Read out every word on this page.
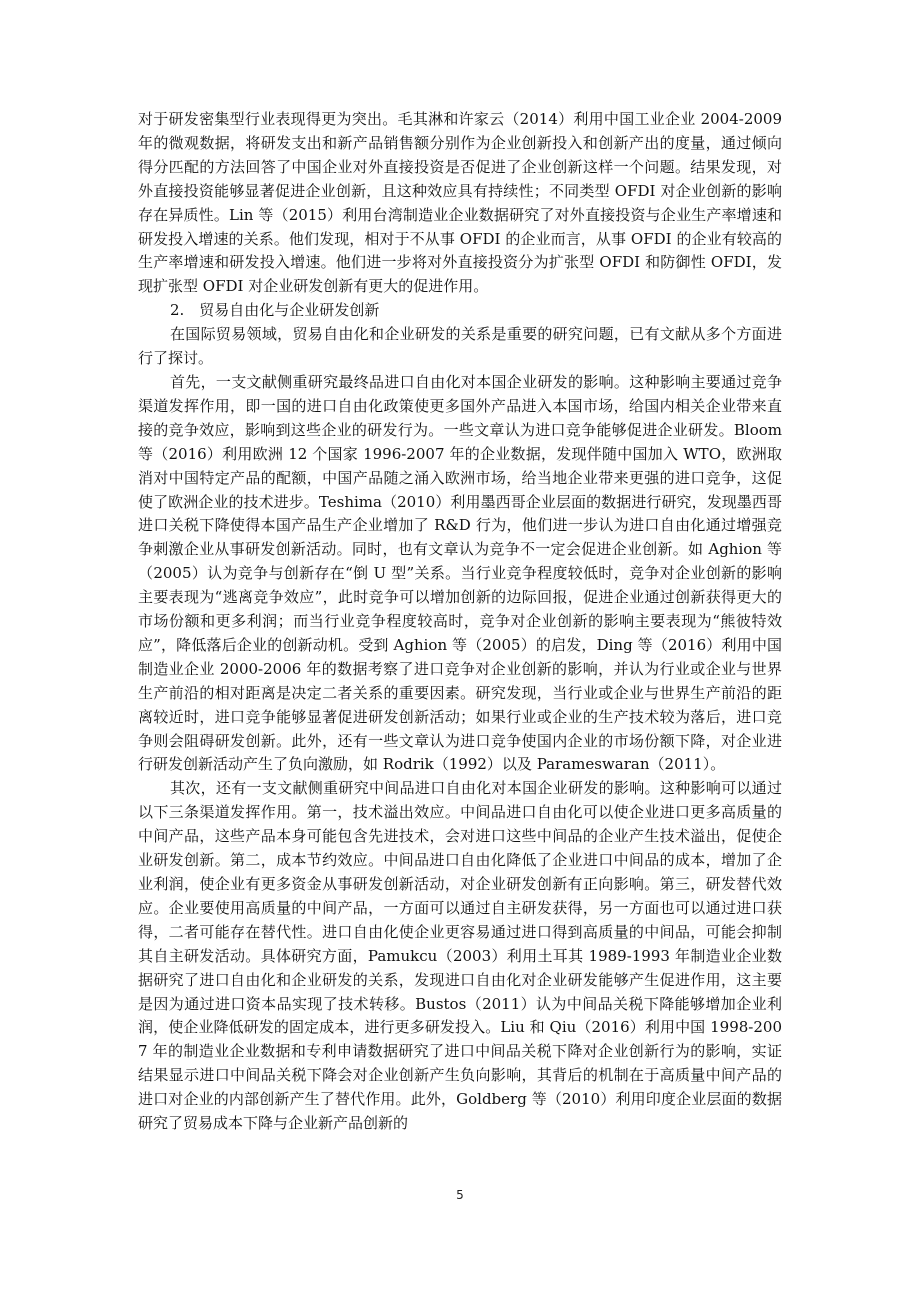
对于研发密集型行业表现得更为突出。毛其淋和许家云（2014）利用中国工业企业 2004-2009 年的微观数据，将研发支出和新产品销售额分别作为企业创新投入和创新产出的度量，通过倾向得分匹配的方法回答了中国企业对外直接投资是否促进了企业创新这样一个问题。结果发现，对外直接投资能够显著促进企业创新，且这种效应具有持续性；不同类型 OFDI 对企业创新的影响存在异质性。Lin 等（2015）利用台湾制造业企业数据研究了对外直接投资与企业生产率增速和研发投入增速的关系。他们发现，相对于不从事 OFDI 的企业而言，从事 OFDI 的企业有较高的生产率增速和研发投入增速。他们进一步将对外直接投资分为扩张型 OFDI 和防御性 OFDI，发现扩张型 OFDI 对企业研发创新有更大的促进作用。

2.　贸易自由化与企业研发创新

在国际贸易领域，贸易自由化和企业研发的关系是重要的研究问题，已有文献从多个方面进行了探讨。

首先，一支文献侧重研究最终品进口自由化对本国企业研发的影响。这种影响主要通过竞争渠道发挥作用，即一国的进口自由化政策使更多国外产品进入本国市场，给国内相关企业带来直接的竞争效应，影响到这些企业的研发行为。一些文章认为进口竞争能够促进企业研发。Bloom 等（2016）利用欧洲 12 个国家 1996-2007 年的企业数据，发现伴随中国加入 WTO，欧洲取消对中国特定产品的配额，中国产品随之涌入欧洲市场，给当地企业带来更强的进口竞争，这促使了欧洲企业的技术进步。Teshima（2010）利用墨西哥企业层面的数据进行研究，发现墨西哥进口关税下降使得本国产品生产企业增加了 R&D 行为，他们进一步认为进口自由化通过增强竞争刺激企业从事研发创新活动。同时，也有文章认为竞争不一定会促进企业创新。如 Aghion 等（2005）认为竞争与创新存在“倒 U 型”关系。当行业竞争程度较低时，竞争对企业创新的影响主要表现为“逃离竞争效应”，此时竞争可以增加创新的边际回报，促进企业通过创新获得更大的市场份额和更多利润；而当行业竞争程度较高时，竞争对企业创新的影响主要表现为“熊彼特效应”，降低落后企业的创新动机。受到 Aghion 等（2005）的启发，Ding 等（2016）利用中国制造业企业 2000-2006 年的数据考察了进口竞争对企业创新的影响，并认为行业或企业与世界生产前沿的相对距离是决定二者关系的重要因素。研究发现，当行业或企业与世界生产前沿的距离较近时，进口竞争能够显著促进研发创新活动；如果行业或企业的生产技术较为落后，进口竞争则会阻碍研发创新。此外，还有一些文章认为进口竞争使国内企业的市场份额下降，对企业进行研发创新活动产生了负向激励，如 Rodrik（1992）以及 Parameswaran（2011）。

其次，还有一支文献侧重研究中间品进口自由化对本国企业研发的影响。这种影响可以通过以下三条渠道发挥作用。第一，技术溢出效应。中间品进口自由化可以使企业进口更多高质量的中间产品，这些产品本身可能包含先进技术，会对进口这些中间品的企业产生技术溢出，促使企业研发创新。第二，成本节约效应。中间品进口自由化降低了企业进口中间品的成本，增加了企业利润，使企业有更多资金从事研发创新活动，对企业研发创新有正向影响。第三，研发替代效应。企业要使用高质量的中间产品，一方面可以通过自主研发获得，另一方面也可以通过进口获得，二者可能存在替代性。进口自由化使企业更容易通过进口得到高质量的中间品，可能会抑制其自主研发活动。具体研究方面，Pamukcu（2003）利用土耳其 1989-1993 年制造业企业数据研究了进口自由化和企业研发的关系，发现进口自由化对企业研发能够产生促进作用，这主要是因为通过进口资本品实现了技术转移。Bustos（2011）认为中间品关税下降能够增加企业利润，使企业降低研发的固定成本，进行更多研发投入。Liu 和 Qiu（2016）利用中国 1998-2007 年的制造业企业数据和专利申请数据研究了进口中间品关税下降对企业创新行为的影响，实证结果显示进口中间品关税下降会对企业创新产生负向影响，其背后的机制在于高质量中间产品的进口对企业的内部创新产生了替代作用。此外，Goldberg 等（2010）利用印度企业层面的数据研究了贸易成本下降与企业新产品创新的

5
